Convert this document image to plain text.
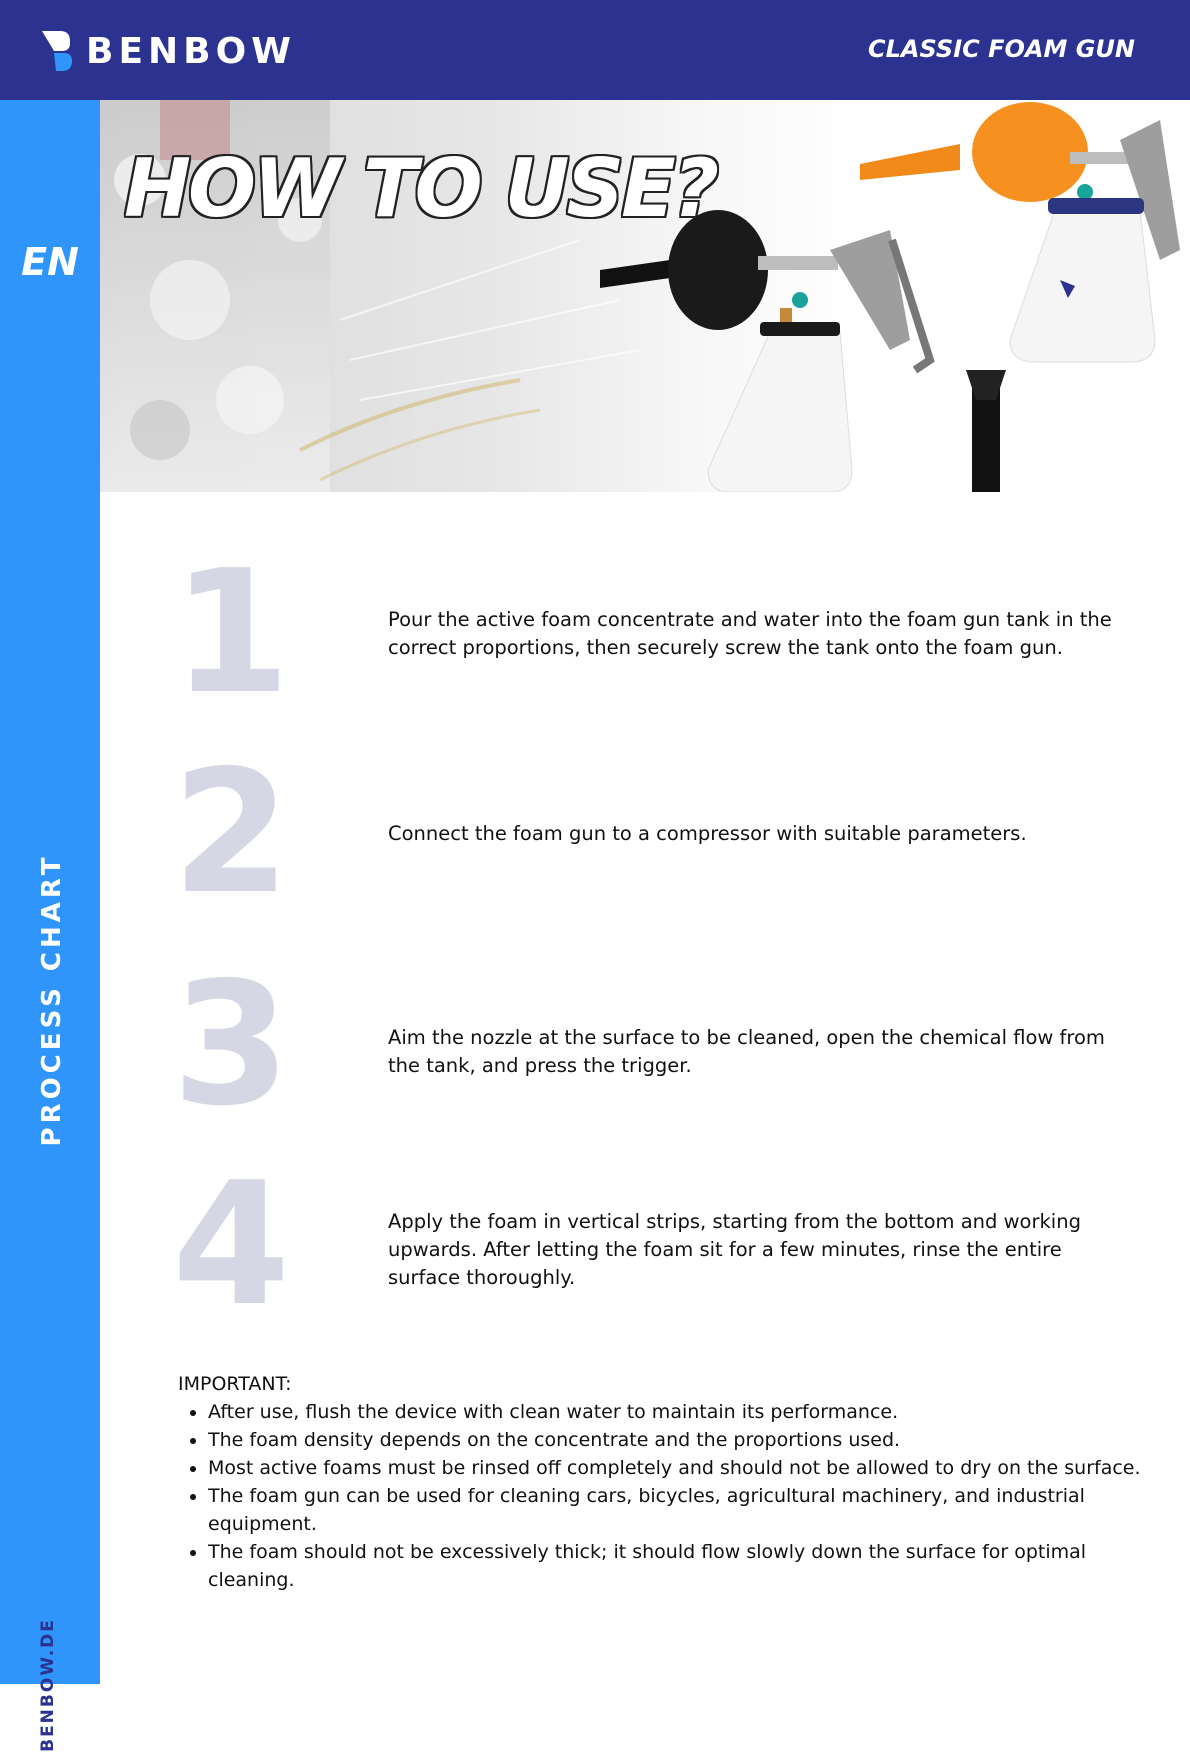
BENBOW	CLASSIC FOAM GUN
EN
PROCESS CHART
BENBOW.DE
HOW TO USE?
1	Pour the active foam concentrate and water into the foam gun tank in the correct proportions, then securely screw the tank onto the foam gun.
2	Connect the foam gun to a compressor with suitable parameters.
3	Aim the nozzle at the surface to be cleaned, open the chemical flow from the tank, and press the trigger.
4	Apply the foam in vertical strips, starting from the bottom and working upwards. After letting the foam sit for a few minutes, rinse the entire surface thoroughly.
IMPORTANT:
• After use, flush the device with clean water to maintain its performance.
• The foam density depends on the concentrate and the proportions used.
• Most active foams must be rinsed off completely and should not be allowed to dry on the surface.
• The foam gun can be used for cleaning cars, bicycles, agricultural machinery, and industrial equipment.
• The foam should not be excessively thick; it should flow slowly down the surface for optimal cleaning.
